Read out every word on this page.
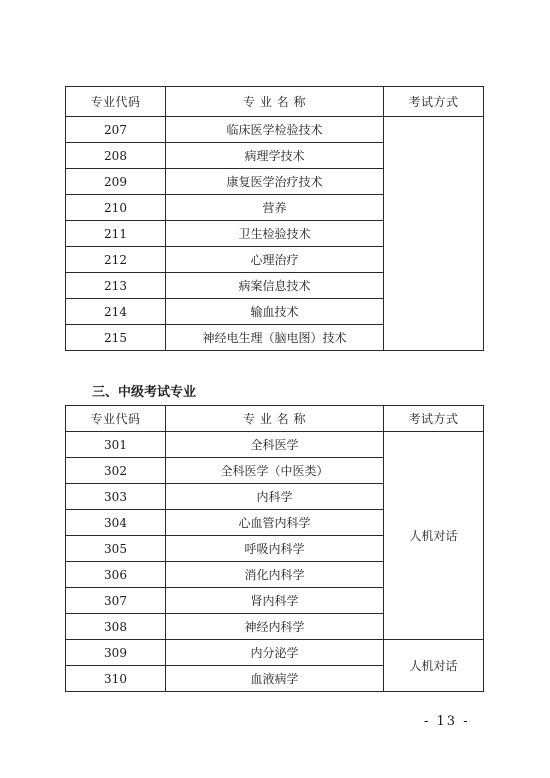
专业代码	专 业 名 称	考试方式
207	临床医学检验技术	
208	病理学技术	
209	康复医学治疗技术	
210	营养	
211	卫生检验技术	
212	心理治疗	
213	病案信息技术	
214	输血技术	
215	神经电生理（脑电图）技术	
三、中级考试专业
专业代码	专 业 名 称	考试方式
301	全科医学	人机对话
302	全科医学（中医类）	
303	内科学	
304	心血管内科学	
305	呼吸内科学	
306	消化内科学	
307	肾内科学	
308	神经内科学	
309	内分泌学	人机对话
310	血液病学	
- 13 -
